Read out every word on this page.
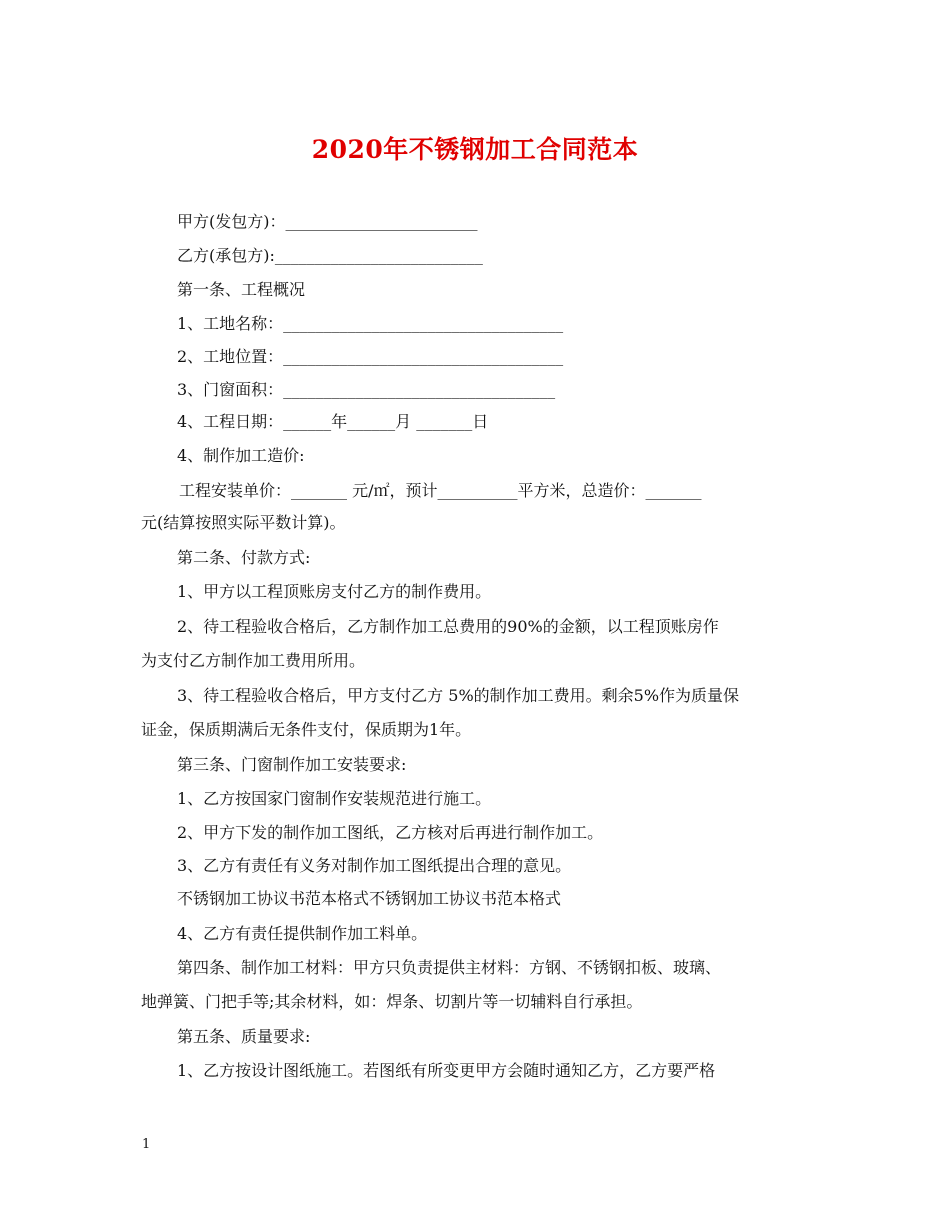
2020年不锈钢加工合同范本
甲方(发包方)：________________________
乙方(承包方):__________________________
第一条、工程概况
1、工地名称：___________________________________
2、工地位置：___________________________________
3、门窗面积：__________________________________
4、工程日期：______年______月 _______日
4、制作加工造价:
工程安装单价：_______ 元/㎡，预计__________平方米，总造价：_______
元(结算按照实际平数计算)。
第二条、付款方式:
1、甲方以工程顶账房支付乙方的制作费用。
2、待工程验收合格后，乙方制作加工总费用的90%的金额，以工程顶账房作
为支付乙方制作加工费用所用。
3、待工程验收合格后，甲方支付乙方 5%的制作加工费用。剩余5%作为质量保
证金，保质期满后无条件支付，保质期为1年。
第三条、门窗制作加工安装要求:
1、乙方按国家门窗制作安装规范进行施工。
2、甲方下发的制作加工图纸，乙方核对后再进行制作加工。
3、乙方有责任有义务对制作加工图纸提出合理的意见。
不锈钢加工协议书范本格式不锈钢加工协议书范本格式
4、乙方有责任提供制作加工料单。
第四条、制作加工材料：甲方只负责提供主材料：方钢、不锈钢扣板、玻璃、
地弹簧、门把手等;其余材料，如：焊条、切割片等一切辅料自行承担。
第五条、质量要求:
1、乙方按设计图纸施工。若图纸有所变更甲方会随时通知乙方，乙方要严格
1
